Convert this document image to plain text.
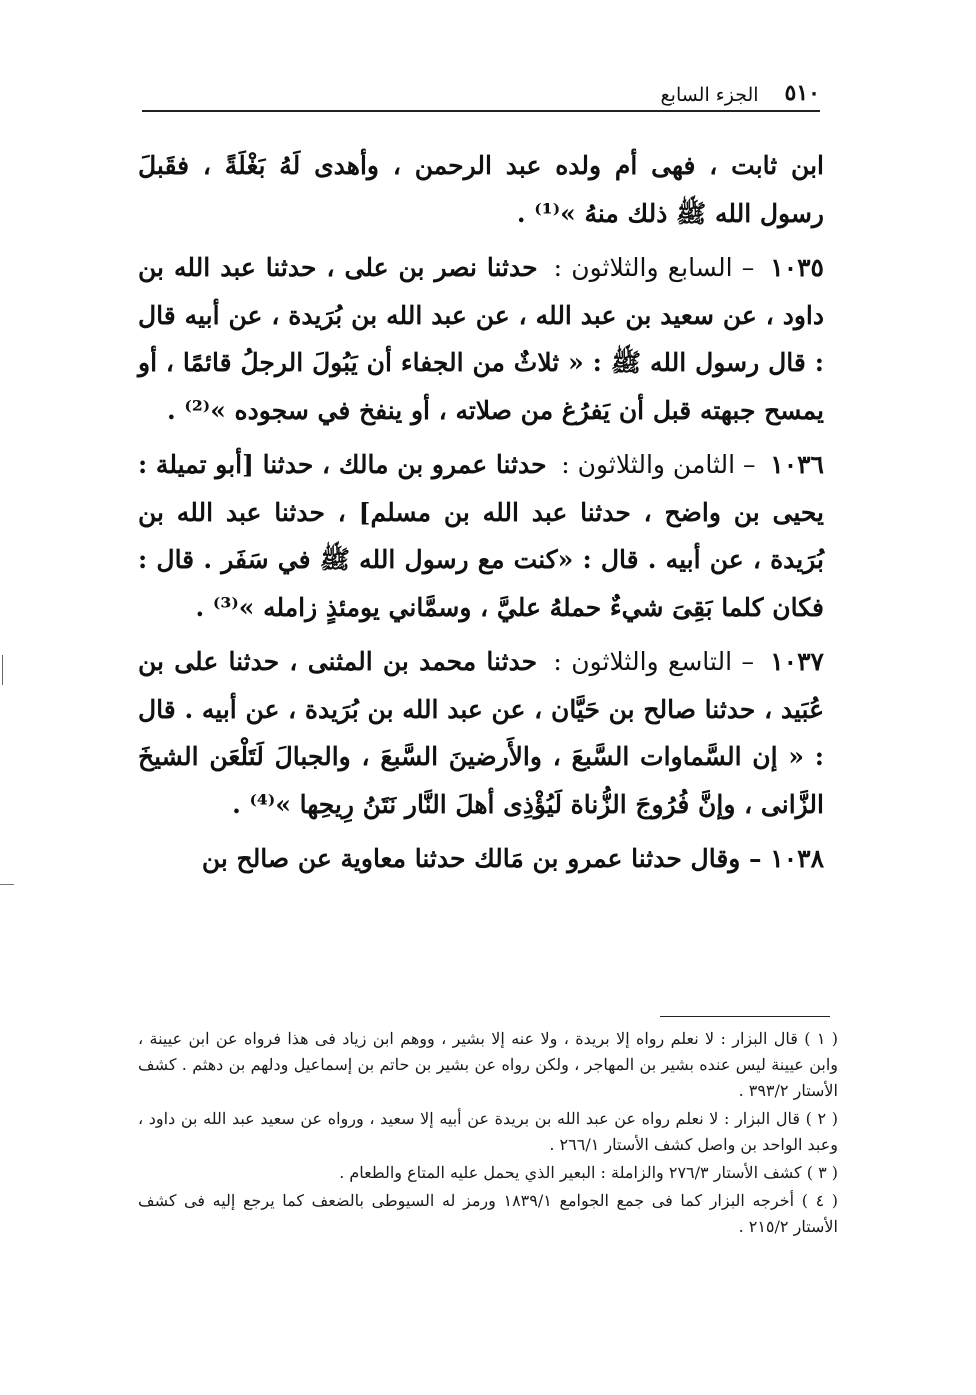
٥١٠
الجزء السابع

ابن ثابت ، فهى أم ولده عبد الرحمن ، وأهدى لَهُ بَغْلَةً ، فقَبلَ رسول الله ﷺ ذلك منهُ »⁽¹⁾ .

١٠٣٥ – السابع والثلاثون : حدثنا نصر بن على ، حدثنا عبد الله بن داود ، عن سعيد بن عبد الله ، عن عبد الله بن بُرَيدة ، عن أبيه قال : قال رسول الله ﷺ : « ثلاثٌ من الجفاء أن يَبُولَ الرجلُ قائمًا ، أو يمسح جبهته قبل أن يَفرُغ من صلاته ، أو ينفخ في سجوده »⁽²⁾ .

١٠٣٦ – الثامن والثلاثون : حدثنا عمرو بن مالك ، حدثنا [أبو تميلة : يحيى بن واضح ، حدثنا عبد الله بن مسلم] ، حدثنا عبد الله بن بُرَيدة ، عن أبيه . قال : «كنت مع رسول الله ﷺ في سَفَر . قال : فكان كلما بَقِىَ شيءٌ حملهُ عليَّ ، وسمَّاني يومئذٍ زامله »⁽³⁾ .

١٠٣٧ – التاسع والثلاثون : حدثنا محمد بن المثنى ، حدثنا على بن عُبَيد ، حدثنا صالح بن حَيَّان ، عن عبد الله بن بُرَيدة ، عن أبيه . قال : « إن السَّماوات السَّبعَ ، والأَرضينَ السَّبعَ ، والجبالَ لَتَلْعَن الشيخَ الزَّانى ، وإنَّ فُرُوجَ الزُّناة لَيُؤْذِى أهلَ النَّار نَتَنُ رِيحِها »⁽⁴⁾ .

١٠٣٨ – وقال حدثنا عمرو بن مَالك حدثنا معاوية عن صالح بن

( ١ ) قال البزار : لا نعلم رواه إلا بريدة ، ولا عنه إلا بشير ، ووهم ابن زياد فى هذا فرواه عن ابن عيينة ، وابن عيينة ليس عنده بشير بن المهاجر ، ولكن رواه عن بشير بن حاتم بن إسماعيل ودلهم بن دهثم . كشف الأستار ٣٩٣/٢ .

( ٢ ) قال البزار : لا نعلم رواه عن عبد الله بن بريدة عن أبيه إلا سعيد ، ورواه عن سعيد عبد الله بن داود ، وعبد الواحد بن واصل كشف الأستار ٢٦٦/١ .

( ٣ ) كشف الأستار ٢٧٦/٣ والزاملة : البعير الذي يحمل عليه المتاع والطعام .

( ٤ ) أخرجه البزار كما فى جمع الجوامع ١٨٣٩/١ ورمز له السيوطى بالضعف كما يرجع إليه فى كشف الأستار ٢١٥/٢ .
